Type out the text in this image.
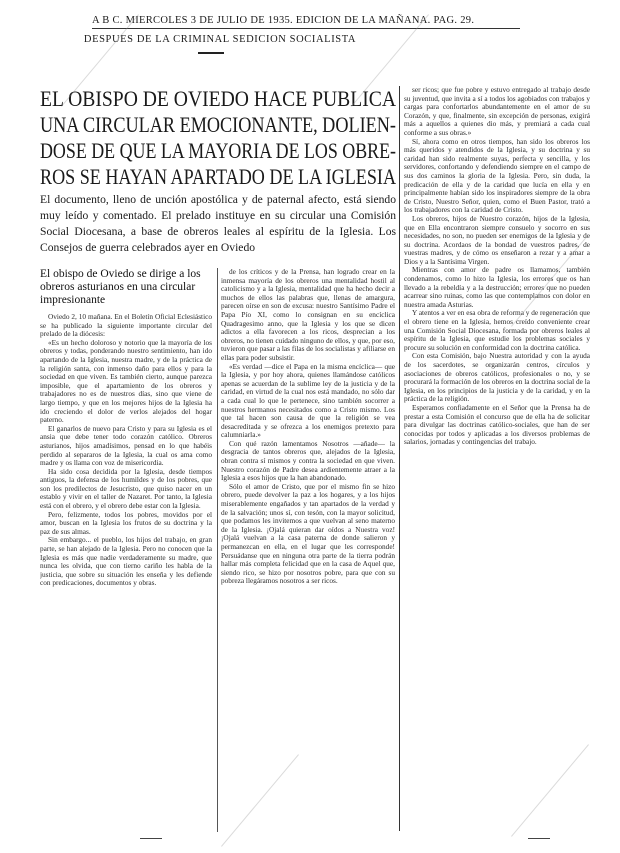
A B C. MIERCOLES 3 DE JULIO DE 1935. EDICION DE LA MAÑANA. PAG. 29.
DESPUES DE LA CRIMINAL SEDICION SOCIALISTA
EL OBISPO DE OVIEDO HACE PUBLICA
UNA CIRCULAR EMOCIONANTE, DOLIEN-
DOSE DE QUE LA MAYORIA DE LOS OBRE-
ROS SE HAYAN APARTADO DE LA IGLESIA
El documento, lleno de unción apostólica y de paternal afecto, está siendo muy leído y comentado. El prelado instituye en su circular una Comisión Social Diocesana, a base de obreros leales al espíritu de la Iglesia. Los Consejos de guerra celebrados ayer en Oviedo

El obispo de Oviedo se dirige a los obreros asturianos en una circular impresionante

Oviedo 2, 10 mañana. En el Boletín Oficial Eclesiástico se ha publicado la siguiente importante circular del prelado de la diócesis:

«Es un hecho doloroso y notorio que la mayoría de los obreros y todas, ponderando nuestro sentimiento, han ido apartando de la Iglesia, nuestra madre, y de la práctica de la religión santa, con inmenso daño para ellos y para la sociedad en que viven. Es también cierto, aunque parezca imposible, que el apartamiento de los obreros y trabajadores no es de nuestros días, sino que viene de largo tiempo, y que en los mejores hijos de la Iglesia ha ido creciendo el dolor de verlos alejados del hogar paterno.

El ganarlos de nuevo para Cristo y para su Iglesia es el ansia que debe tener todo corazón católico. Obreros asturianos, hijos amadísimos, pensad en lo que habéis perdido al separaros de la Iglesia, la cual os ama como madre y os llama con voz de misericordia.

Ha sido cosa decidida por la Iglesia, desde tiempos antiguos, la defensa de los humildes y de los pobres, que son los predilectos de Jesucristo, que quiso nacer en un establo y vivir en el taller de Nazaret. Por tanto, la Iglesia está con el obrero, y el obrero debe estar con la Iglesia.

Pero, felizmente, todos los pobres, movidos por el amor, buscan en la Iglesia los frutos de su doctrina y la paz de sus almas.

Sin embargo... el pueblo, los hijos del trabajo, en gran parte, se han alejado de la Iglesia. Pero no conocen que la Iglesia es más que nadie verdaderamente su madre, que nunca les olvida, que con tierno cariño les habla de la justicia, que sobre su situación les enseña y les defiende con predicaciones, documentos y obras.

de los críticos y de la Prensa, han logrado crear en la inmensa mayoría de los obreros una mentalidad hostil al catolicismo y a la Iglesia, mentalidad que ha hecho decir a muchos de ellos las palabras que, llenas de amargura, parecen oírse en son de excusa: nuestro Santísimo Padre el Papa Pío XI, como lo consignan en su encíclica Quadragesimo anno, que la Iglesia y los que se dicen adictos a ella favorecen a los ricos, desprecian a los obreros, no tienen cuidado ninguno de ellos, y que, por eso, tuvieron que pasar a las filas de los socialistas y afiliarse en ellas para poder subsistir.

«Es verdad —dice el Papa en la misma encíclica— que la Iglesia, y por hoy ahora, quienes llamándose católicos apenas se acuerdan de la sublime ley de la justicia y de la caridad, en virtud de la cual nos está mandado, no sólo dar a cada cual lo que le pertenece, sino también socorrer a nuestros hermanos necesitados como a Cristo mismo. Los que tal hacen son causa de que la religión se vea desacreditada y se ofrezca a los enemigos pretexto para calumniarla.»

Con qué razón lamentamos Nosotros —añade— la desgracia de tantos obreros que, alejados de la Iglesia, obran contra sí mismos y contra la sociedad en que viven. Nuestro corazón de Padre desea ardientemente atraer a la Iglesia a esos hijos que la han abandonado.

Sólo el amor de Cristo, que por el mismo fin se hizo obrero, puede devolver la paz a los hogares, y a los hijos miserablemente engañados y tan apartados de la verdad y de la salvación; unos sí, con tesón, con la mayor solicitud, que podamos les invitemos a que vuelvan al seno materno de la Iglesia. ¡Ojalá quieran dar oídos a Nuestra voz! ¡Ojalá vuelvan a la casa paterna de donde salieron y permanezcan en ella, en el lugar que les corresponde! Persuádanse que en ninguna otra parte de la tierra podrán hallar más completa felicidad que en la casa de Aquel que, siendo rico, se hizo por nosotros pobre, para que con su pobreza llegáramos nosotros a ser ricos.

ser ricos; que fue pobre y estuvo entregado al trabajo desde su juventud, que invita a sí a todos los agobiados con trabajos y cargas para confortarlos abundantemente en el amor de su Corazón, y que, finalmente, sin excepción de personas, exigirá más a aquellos a quienes dio más, y premiará a cada cual conforme a sus obras.»

Sí, ahora como en otros tiempos, han sido los obreros los más queridos y atendidos de la Iglesia, y su doctrina y su caridad han sido realmente suyas, perfecta y sencilla, y los servidores, confortando y defendiendo siempre en el campo de sus dos caminos la gloria de la Iglesia. Pero, sin duda, la predicación de ella y de la caridad que lucía en ella y en principalmente habían sido los inspiradores siempre de la obra de Cristo, Nuestro Señor, quien, como el Buen Pastor, trató a los trabajadores con la caridad de Cristo.

Los obreros, hijos de Nuestro corazón, hijos de la Iglesia, que en Ella encontraron siempre consuelo y socorro en sus necesidades, no son, no pueden ser enemigos de la Iglesia y de su doctrina. Acordaos de la bondad de vuestros padres, de vuestras madres, y de cómo os enseñaron a rezar y a amar a Dios y a la Santísima Virgen.

Mientras con amor de padre os llamamos, también condenamos, como lo hizo la Iglesia, los errores que os han llevado a la rebeldía y a la destrucción; errores que no pueden acarrear sino ruinas, como las que contemplamos con dolor en nuestra amada Asturias.

Y atentos a ver en esa obra de reforma y de regeneración que el obrero tiene en la Iglesia, hemos creído conveniente crear una Comisión Social Diocesana, formada por obreros leales al espíritu de la Iglesia, que estudie los problemas sociales y procure su solución en conformidad con la doctrina católica.

Con esta Comisión, bajo Nuestra autoridad y con la ayuda de los sacerdotes, se organizarán centros, círculos y asociaciones de obreros católicos, profesionales o no, y se procurará la formación de los obreros en la doctrina social de la Iglesia, en los principios de la justicia y de la caridad, y en la práctica de la religión.

Esperamos confiadamente en el Señor que la Prensa ha de prestar a esta Comisión el concurso que de ella ha de solicitar para divulgar las doctrinas católico-sociales, que han de ser conocidas por todos y aplicadas a los diversos problemas de salarios, jornadas y contingencias del trabajo.
